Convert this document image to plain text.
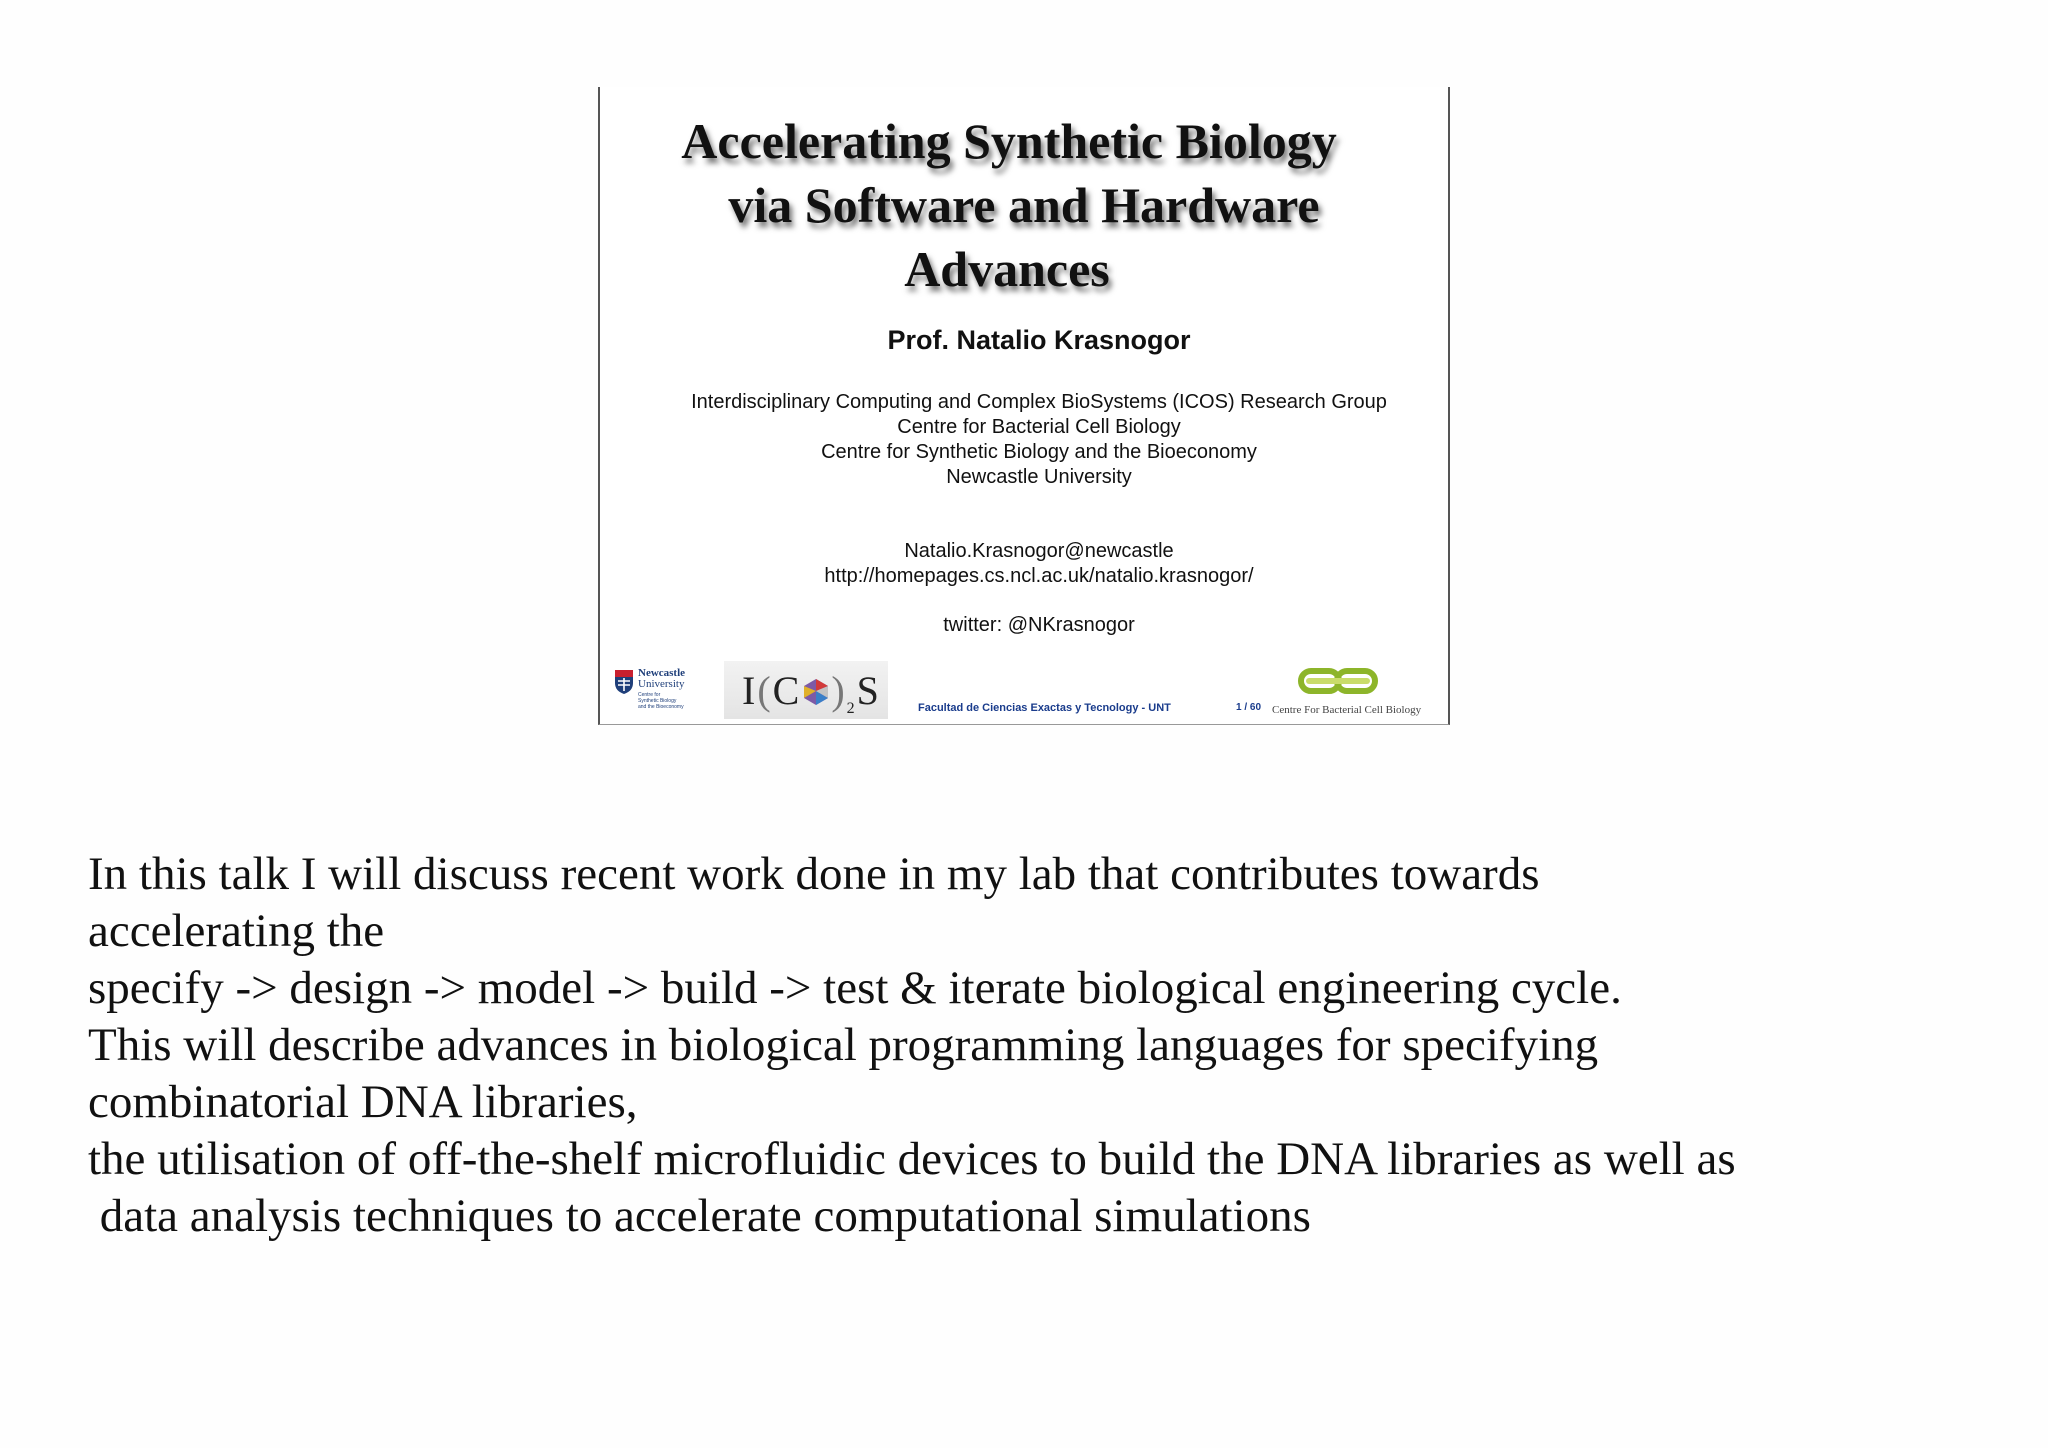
Accelerating Synthetic Biology
via Software and Hardware
Advances
Prof. Natalio Krasnogor
Interdisciplinary Computing and Complex BioSystems (ICOS) Research Group
Centre for Bacterial Cell Biology
Centre for Synthetic Biology and the Bioeconomy
Newcastle University
Natalio.Krasnogor@newcastle
http://homepages.cs.ncl.ac.uk/natalio.krasnogor/
twitter: @NKrasnogor
Newcastle
University
Centre for
Synthetic Biology
and the Bioeconomy I(C )$_2S$	Facultad de Ciencias Exactas y Tecnology - UNT	1 / 60 Centre For Bacterial Cell Biology
In this talk I will discuss recent work done in my lab that contributes towards
accelerating the
specify -> design -> model -> build -> test & iterate biological engineering cycle.
This will describe advances in biological programming languages for specifying
combinatorial DNA libraries,
the utilisation of off-the-shelf microfluidic devices to build the DNA libraries as well as
data analysis techniques to accelerate computational simulations
